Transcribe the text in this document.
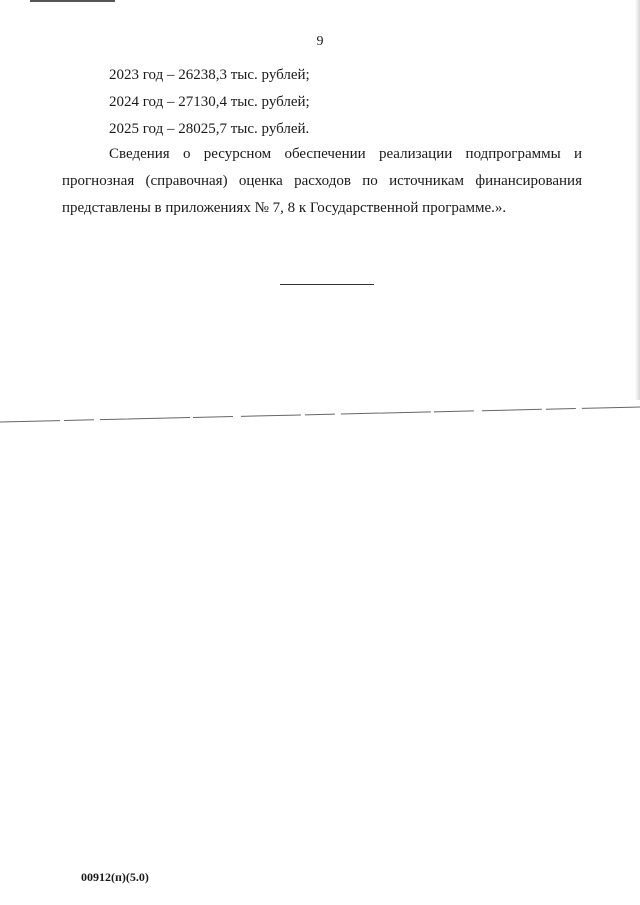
9
2023 год – 26238,3 тыс. рублей;
2024 год – 27130,4 тыс. рублей;
2025 год – 28025,7 тыс. рублей.
Сведения о ресурсном обеспечении реализации подпрограммы и прогнозная (справочная) оценка расходов по источникам финансирования представлены в приложениях № 7, 8 к Государственной программе.».
00912(п)(5.0)
